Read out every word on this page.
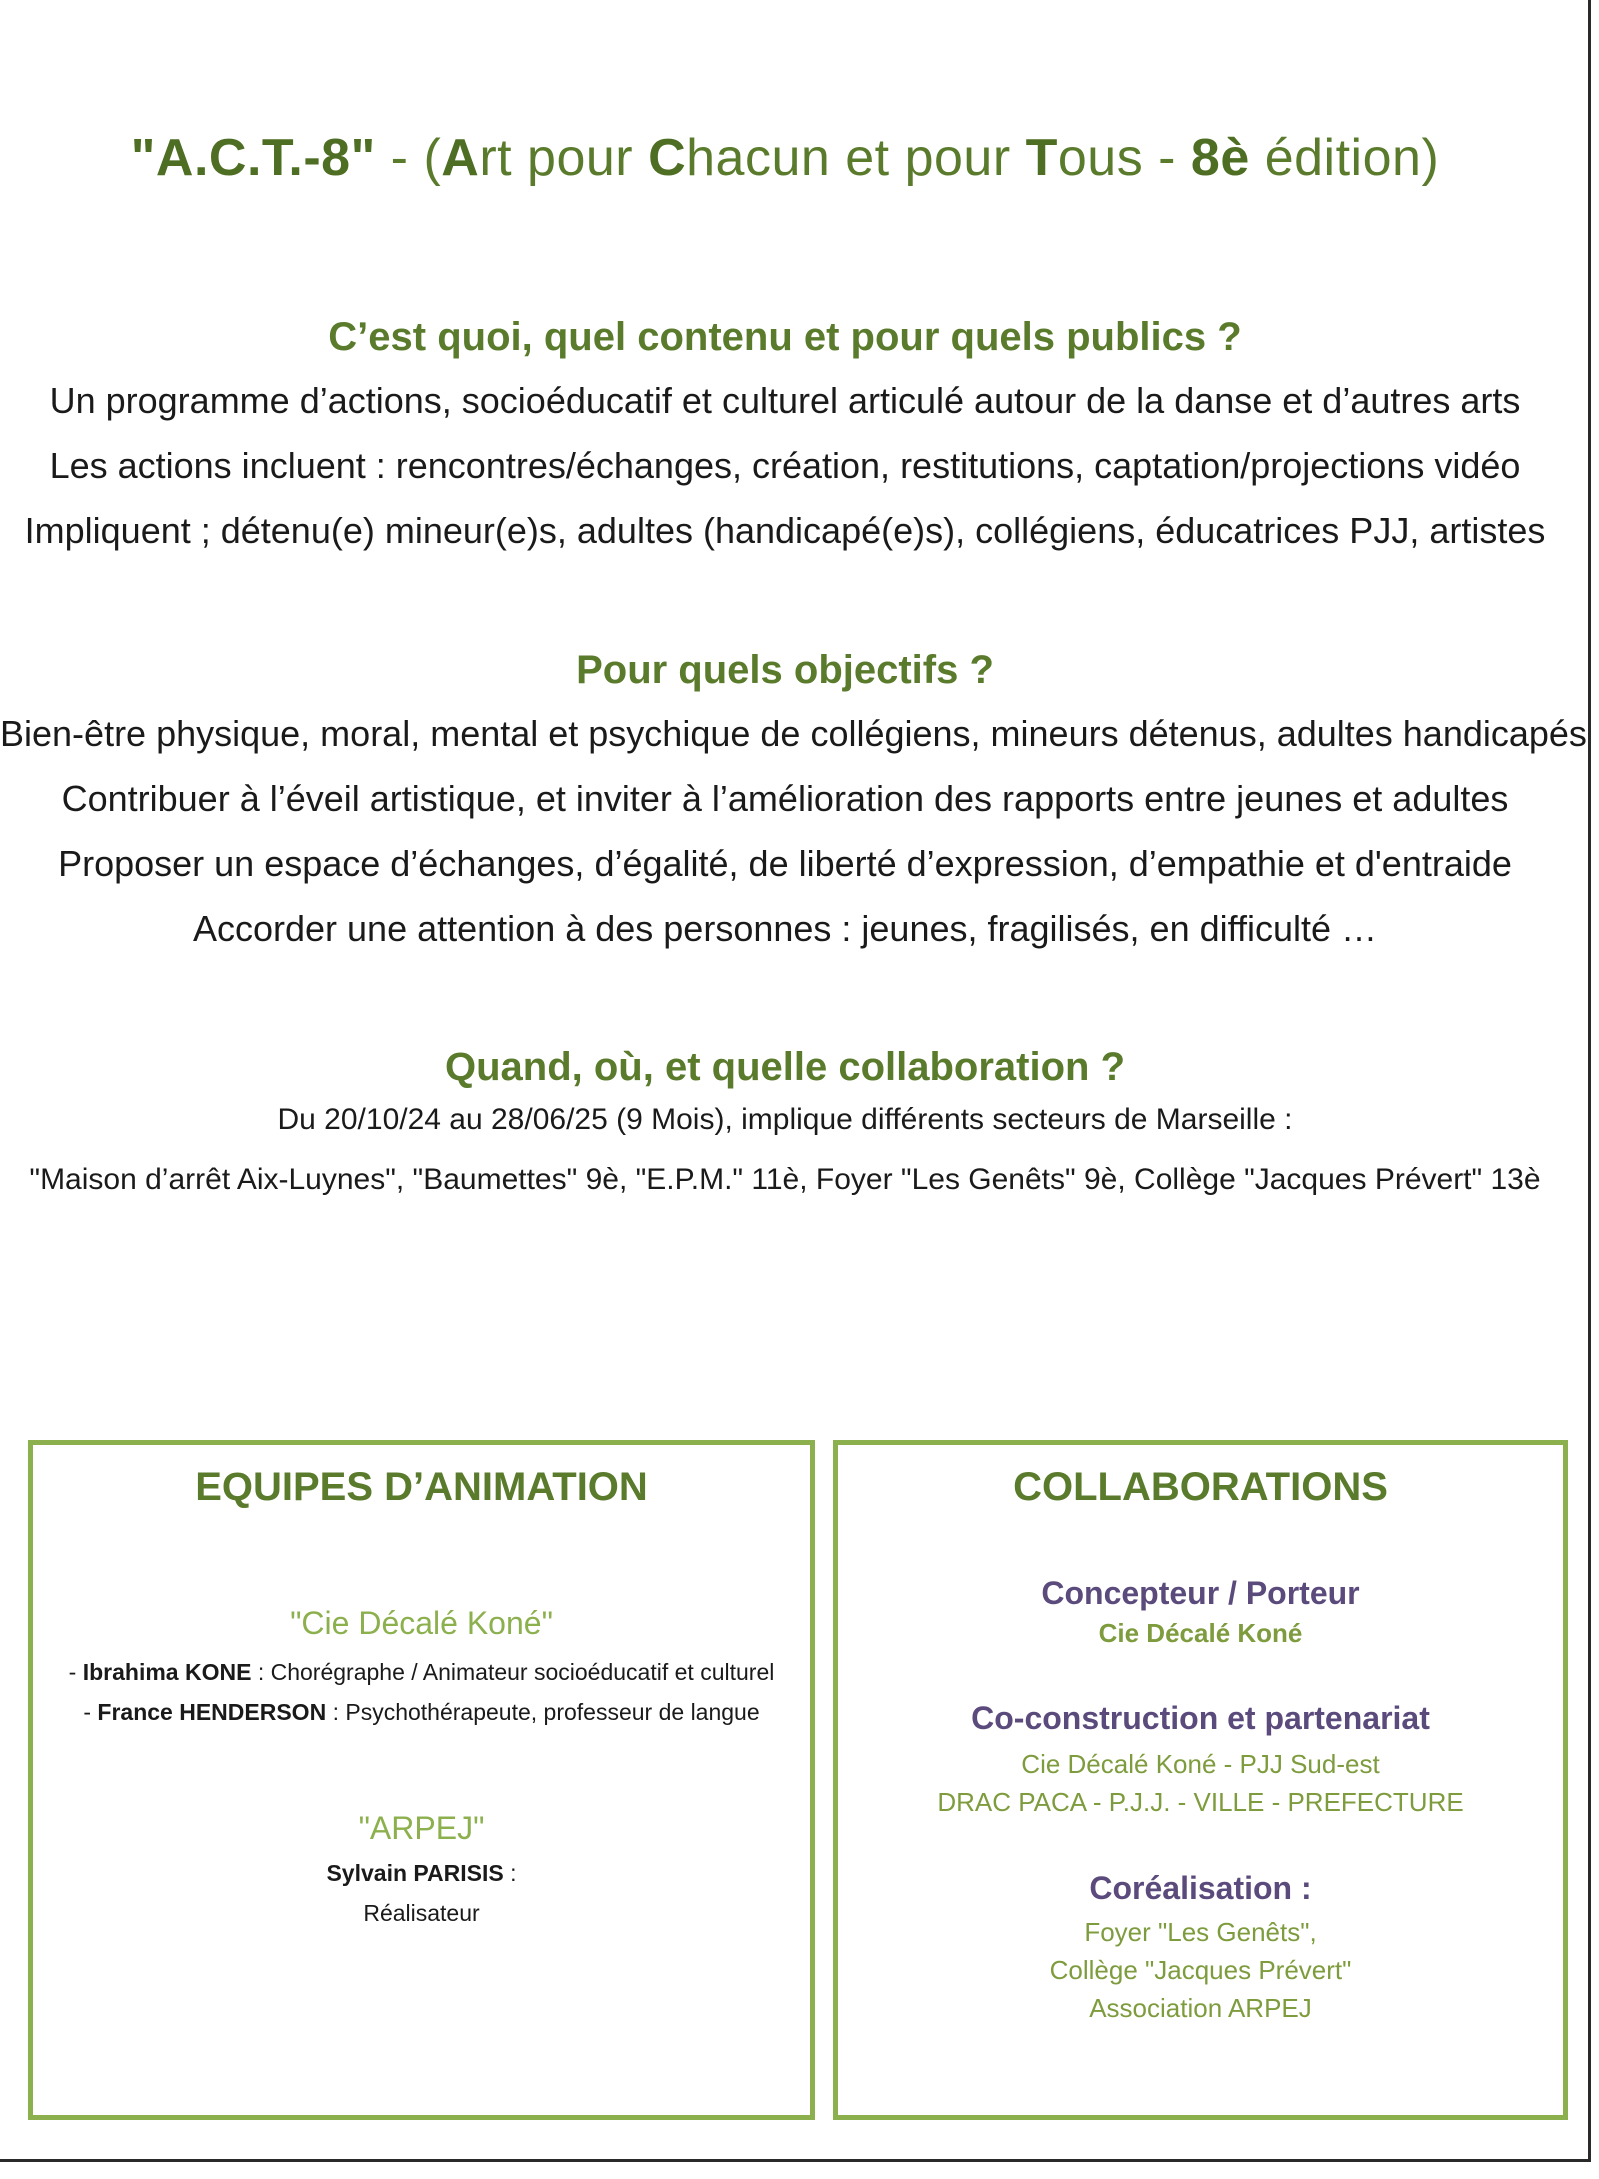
"A.C.T.-8" - (Art pour Chacun et pour Tous - 8è édition)
C’est quoi, quel contenu et pour quels publics ?

Un programme d’actions, socioéducatif et culturel articulé autour de la danse et d’autres arts

Les actions incluent : rencontres/échanges, création, restitutions, captation/projections vidéo

Impliquent ; détenu(e) mineur(e)s, adultes (handicapé(e)s), collégiens, éducatrices PJJ, artistes

Pour quels objectifs ?

Bien-être physique, moral, mental et psychique de collégiens, mineurs détenus, adultes handicapés

Contribuer à l’éveil artistique, et inviter à l’amélioration des rapports entre jeunes et adultes

Proposer un espace d’échanges, d’égalité, de liberté d’expression, d’empathie et d'entraide

Accorder une attention à des personnes : jeunes, fragilisés, en difficulté …

Quand, où, et quelle collaboration ?

Du 20/10/24 au 28/06/25 (9 Mois), implique différents secteurs de Marseille :

"Maison d’arrêt Aix-Luynes", "Baumettes" 9è, "E.P.M." 11è, Foyer "Les Genêts" 9è, Collège "Jacques Prévert" 13è

EQUIPES D’ANIMATION

"Cie Décalé Koné"

- Ibrahima KONE : Chorégraphe / Animateur socioéducatif et culturel

- France HENDERSON : Psychothérapeute, professeur de langue

"ARPEJ"

Sylvain PARISIS :

Réalisateur

COLLABORATIONS

Concepteur / Porteur

Cie Décalé Koné

Co-construction et partenariat

Cie Décalé Koné - PJJ Sud-est

DRAC PACA - P.J.J. - VILLE - PREFECTURE

Coréalisation :

Foyer "Les Genêts",

Collège "Jacques Prévert"

Association ARPEJ
